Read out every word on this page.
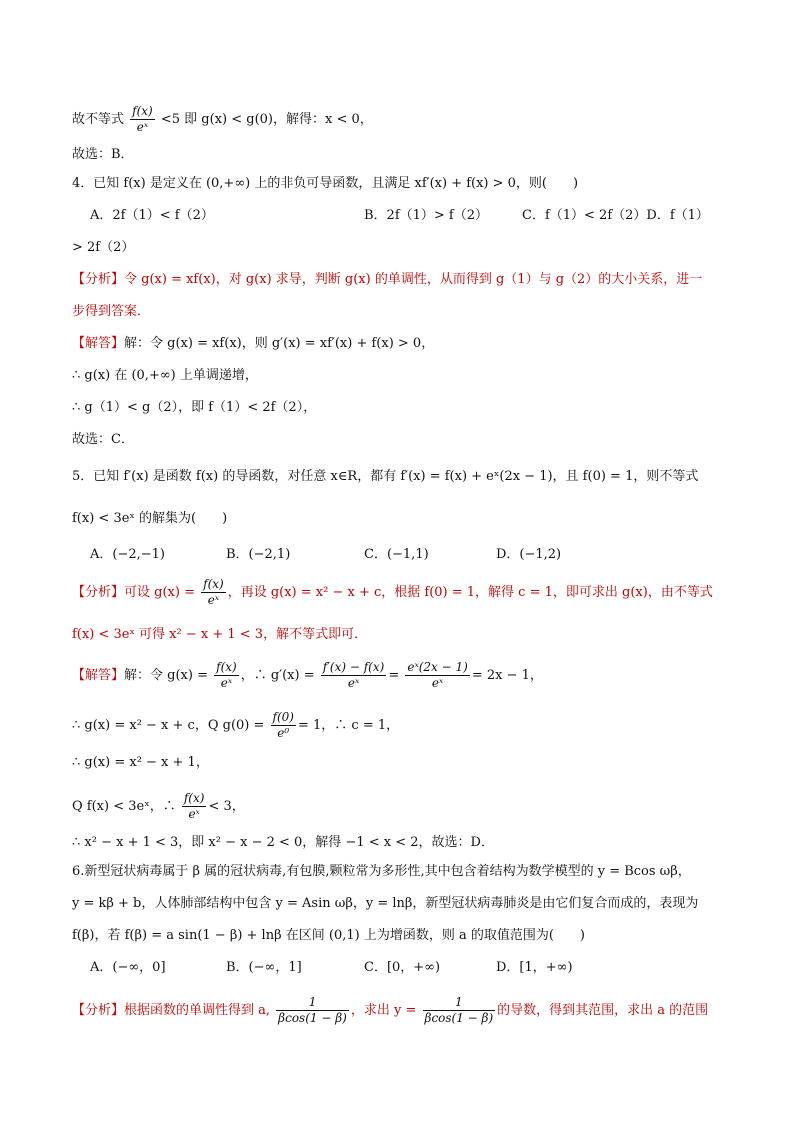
故不等式 $\frac{f(x)}{\text{eˣ}} <5$ 即 g(x) < g(0)，解得：x < 0，
故选：B．
4．已知 f(x) 是定义在 (0,+∞) 上的非负可导函数，且满足 xf′(x) + f(x) > 0，则(　　)
A．2f（1）< f（2）	B．2f（1）> f（2）	C．f（1）< 2f（2）D．f（1）
> 2f（2）
【分析】令 g(x) = xf(x)，对 g(x) 求导，判断 g(x) 的单调性，从而得到 g（1）与 g（2）的大小关系，进一
步得到答案．
【解答】解：令 g(x) = xf(x)，则 g′(x) = xf′(x) + f(x) > 0，
∴ g(x) 在 (0,+∞) 上单调递增，
∴ g（1）< g（2），即 f（1）< 2f（2），
故选：C．
5．已知 f′(x) 是函数 f(x) 的导函数，对任意 x∈R，都有 f′(x) = f(x) + eˣ(2x − 1)，且 f(0) = 1，则不等式
f(x) < 3eˣ 的解集为(　　)
A．(−2,−1)	B．(−2,1)	C．(−1,1)	D．(−1,2)
【分析】可设 $g(x) = \frac{f(x)}{\text{eˣ}}$ ，再设 g(x) = x² − x + c，根据 f(0) = 1，解得 c = 1，即可求出 g(x)，由不等式
f(x) < 3eˣ 可得 x² − x + 1 < 3，解不等式即可．
【解答】解：令 $g(x) = \frac{f(x)}{\text{eˣ}}$ ，∴ $g'(x) = \frac{f'(x) - f(x)}{\text{eˣ}} = \frac{\text{eˣ(2x − 1)}}{\text{eˣ}} = 2x - 1$，
∴ g(x) = x² − x + c，Q $g(0) = \frac{f(0)}{\text{e⁰}} = 1$，∴ c = 1，
∴ g(x) = x² − x + 1，
Q f(x) < 3eˣ，∴ $\frac{f(x)}{\text{eˣ}} < 3$，
∴ x² − x + 1 < 3，即 x² − x − 2 < 0，解得 −1 < x < 2，故选：D．
6.新型冠状病毒属于 β 属的冠状病毒,有包膜,颗粒常为多形性,其中包含着结构为数学模型的 y = Bcos ωβ，
y = kβ + b，人体肺部结构中包含 y = Asin ωβ，y = lnβ，新型冠状病毒肺炎是由它们复合而成的，表现为
f(β)，若 f(β) = a sin(1 − β) + lnβ 在区间 (0,1) 上为增函数，则 a 的取值范围为(　　)
A．(−∞，0]	B．(−∞，1]	C．[0，+∞)	D．[1，+∞)
【分析】根据函数的单调性得到 a, $\frac{1}{\beta\cos(1 - \beta)}$ ，求出 $y = \frac{1}{\beta\cos(1 - \beta)}$ 的导数，得到其范围，求出 a 的范围
